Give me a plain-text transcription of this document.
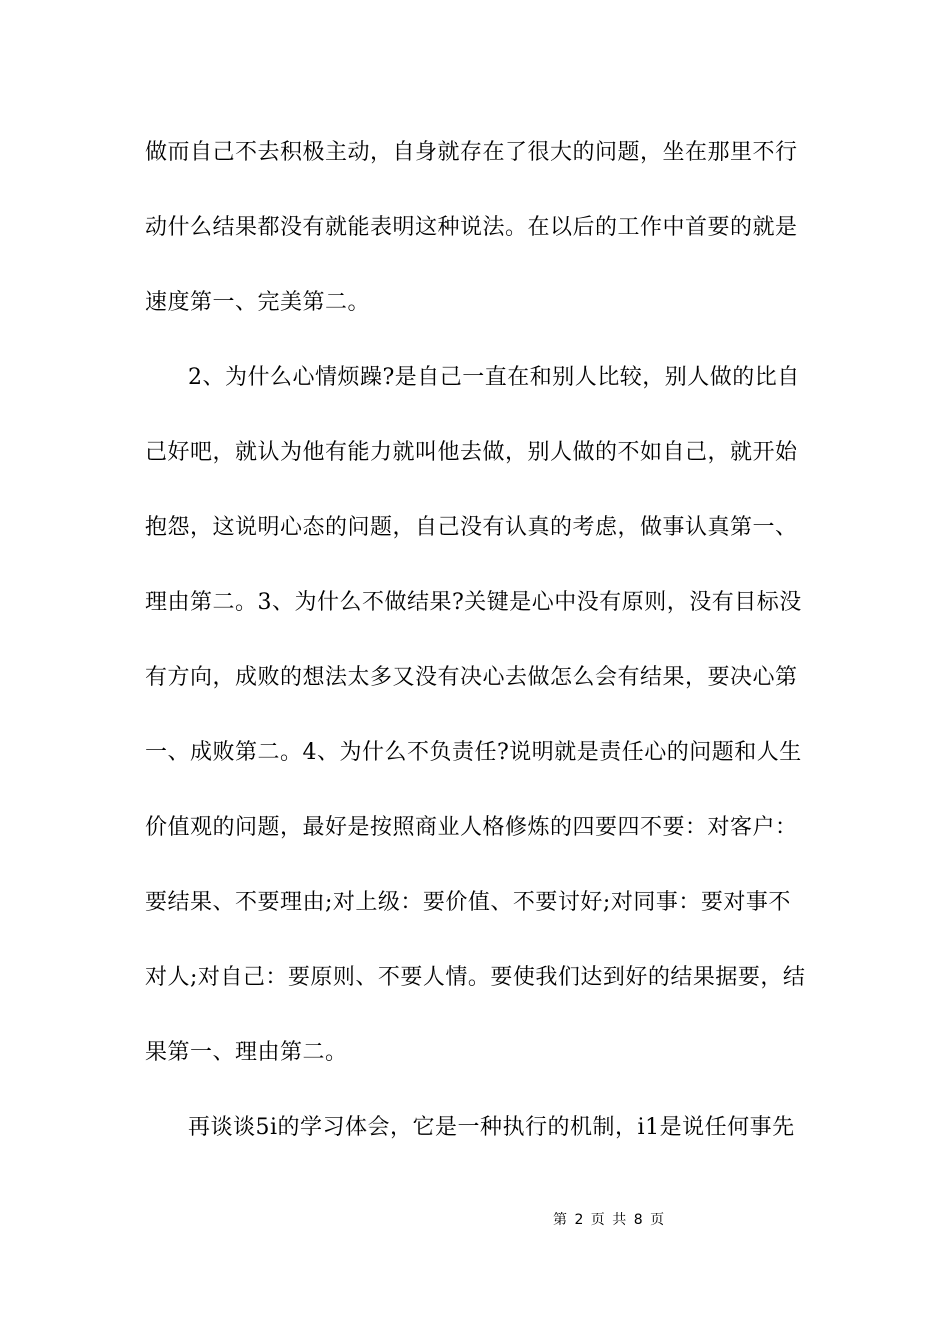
做而自己不去积极主动，自身就存在了很大的问题，坐在那里不行
动什么结果都没有就能表明这种说法。在以后的工作中首要的就是
速度第一、完美第二。
2、为什么心情烦躁?是自己一直在和别人比较，别人做的比自
己好吧，就认为他有能力就叫他去做，别人做的不如自己，就开始
抱怨，这说明心态的问题，自己没有认真的考虑，做事认真第一、
理由第二。3、为什么不做结果?关键是心中没有原则，没有目标没
有方向，成败的想法太多又没有决心去做怎么会有结果，要决心第
一、成败第二。4、为什么不负责任?说明就是责任心的问题和人生
价值观的问题，最好是按照商业人格修炼的四要四不要：对客户：
要结果、不要理由;对上级：要价值、不要讨好;对同事：要对事不
对人;对自己：要原则、不要人情。要使我们达到好的结果据要，结
果第一、理由第二。
再谈谈5i的学习体会，它是一种执行的机制，i1是说任何事先
第 2 页 共 8 页
